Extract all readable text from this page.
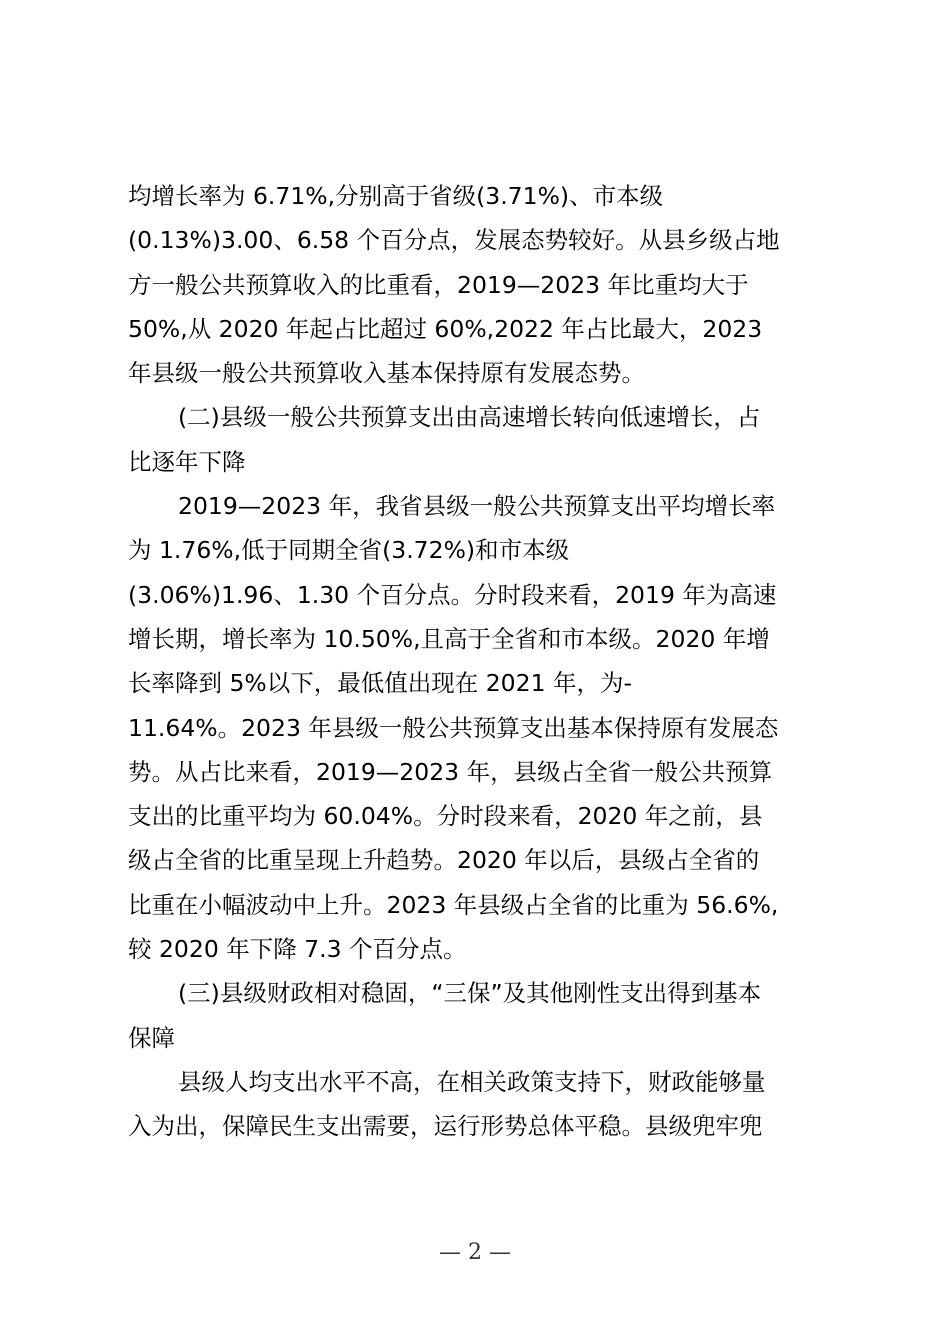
均增长率为 6.71%,分别高于省级(3.71%)、市本级
(0.13%)3.00、6.58 个百分点，发展态势较好。从县乡级占地
方一般公共预算收入的比重看，2019—2023 年比重均大于
50%,从 2020 年起占比超过 60%,2022 年占比最大，2023
年县级一般公共预算收入基本保持原有发展态势。
(二)县级一般公共预算支出由高速增长转向低速增长，占
比逐年下降
2019—2023 年，我省县级一般公共预算支出平均增长率
为 1.76%,低于同期全省(3.72%)和市本级
(3.06%)1.96、1.30 个百分点。分时段来看，2019 年为高速
增长期，增长率为 10.50%,且高于全省和市本级。2020 年增
长率降到 5%以下，最低值出现在 2021 年，为-
11.64%。2023 年县级一般公共预算支出基本保持原有发展态
势。从占比来看，2019—2023 年，县级占全省一般公共预算
支出的比重平均为 60.04%。分时段来看，2020 年之前，县
级占全省的比重呈现上升趋势。2020 年以后，县级占全省的
比重在小幅波动中上升。2023 年县级占全省的比重为 56.6%,
较 2020 年下降 7.3 个百分点。
(三)县级财政相对稳固，“三保”及其他刚性支出得到基本
保障
县级人均支出水平不高，在相关政策支持下，财政能够量
入为出，保障民生支出需要，运行形势总体平稳。县级兜牢兜
— 2 —
